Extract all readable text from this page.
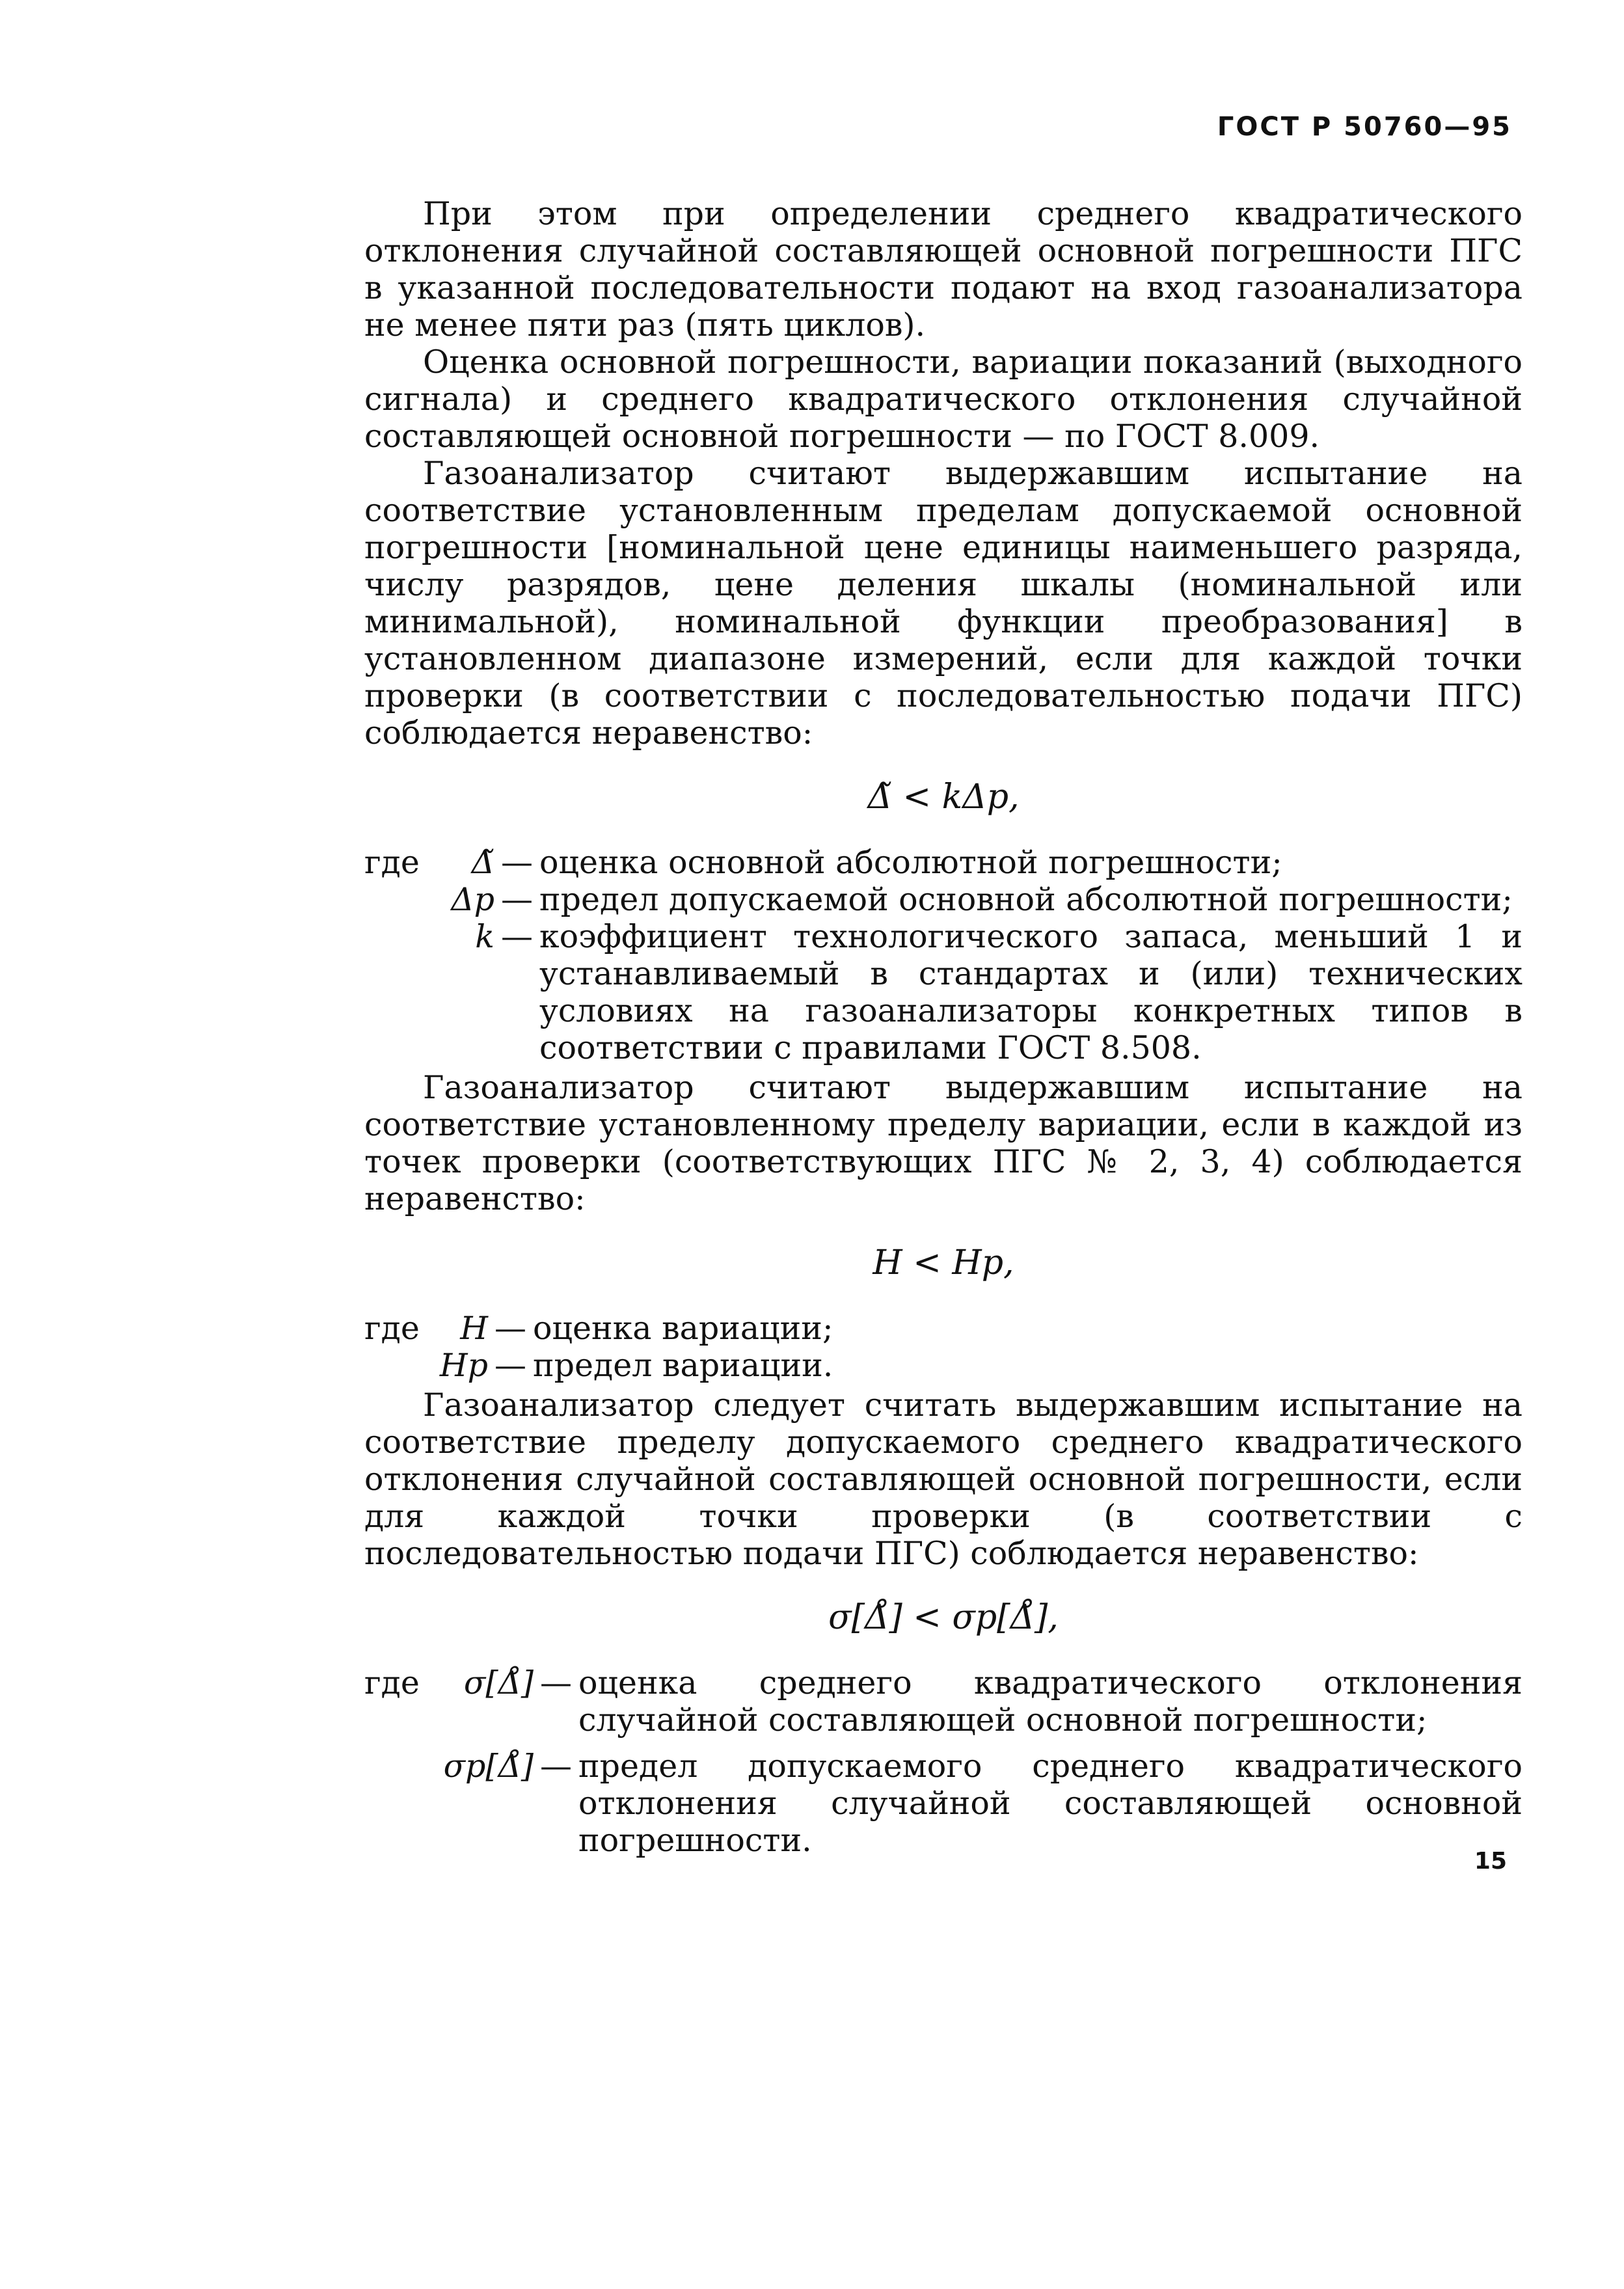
ГОСТ Р 50760—95

При этом при определении среднего квадратического отклонения случайной составляющей основной погрешности ПГС в указанной последовательности подают на вход газоанализатора не менее пяти раз (пять циклов).

Оценка основной погрешности, вариации показаний (выходного сигнала) и среднего квадратического отклонения случайной составляющей основной погрешности — по ГОСТ 8.009.

Газоанализатор считают выдержавшим испытание на соответствие установленным пределам допускаемой основной погрешности [номинальной цене единицы наименьшего разряда, числу разрядов, цене деления шкалы (номинальной или минимальной), номинальной функции преобразования] в установленном диапазоне измерений, если для каждой точки проверки (в соответствии с последовательностью подачи ПГС) соблюдается неравенство:

Δ̃ < kΔр,
где	Δ̃ — оценка основной абсолютной погрешности;
Δр — предел допускаемой основной абсолютной погрешности;
k — коэффициент технологического запаса, меньший 1 и устанавливаемый в стандартах и (или) технических условиях на газоанализаторы конкретных типов в соответствии с правилами ГОСТ 8.508.

Газоанализатор считают выдержавшим испытание на соответствие установленному пределу вариации, если в каждой из точек проверки (соответствующих ПГС № 2, 3, 4) соблюдается неравенство:

H < Hр,
где	H — оценка вариации;
Hр — предел вариации.

Газоанализатор следует считать выдержавшим испытание на соответствие пределу допускаемого среднего квадратического отклонения случайной составляющей основной погрешности, если для каждой точки проверки (в соответствии с последовательностью подачи ПГС) соблюдается неравенство:

σ[Δ̊] < σр[Δ̊],
где	σ[Δ̊] — оценка среднего квадратического отклонения случайной составляющей основной погрешности;
σр[Δ̊] — предел допускаемого среднего квадратического отклонения случайной составляющей основной погрешности.
15
